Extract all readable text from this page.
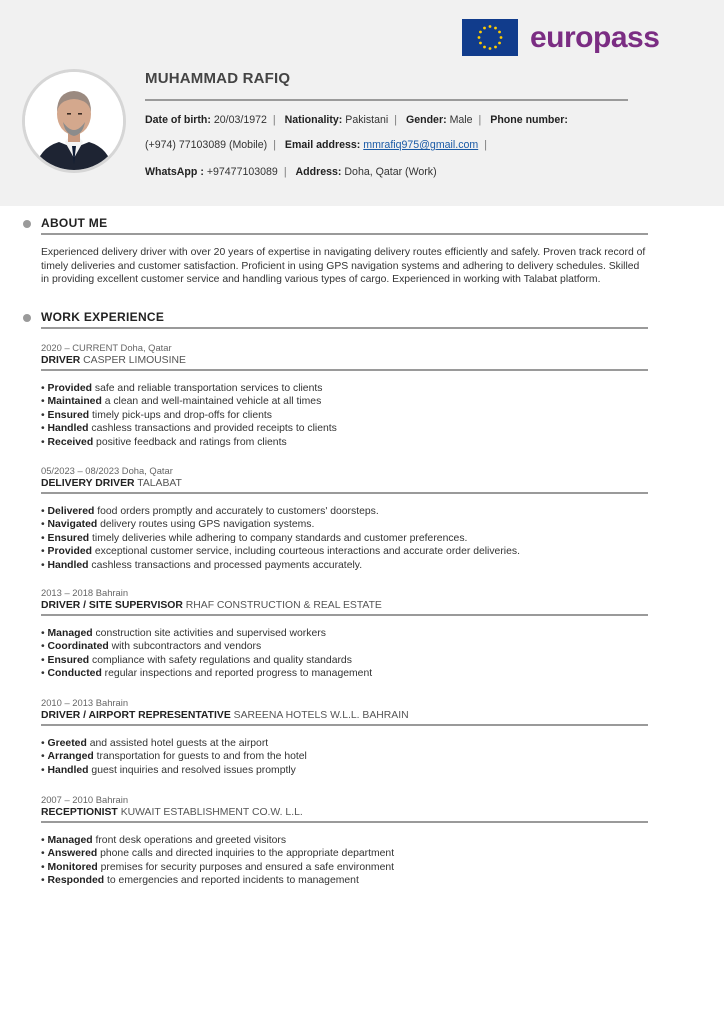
europass
MUHAMMAD RAFIQ
Date of birth: 20/03/1972 | Nationality: Pakistani | Gender: Male | Phone number:
(+974) 77103089 (Mobile) | Email address: mmrafiq975@gmail.com |
WhatsApp : +97477103089 | Address: Doha, Qatar (Work)
ABOUT ME
Experienced delivery driver with over 20 years of expertise in navigating delivery routes efficiently and safely. Proven track record of timely deliveries and customer satisfaction. Proficient in using GPS navigation systems and adhering to delivery schedules. Skilled in providing excellent customer service and handling various types of cargo. Experienced in working with Talabat platform.
WORK EXPERIENCE
2020 – CURRENT Doha, Qatar
DRIVER CASPER LIMOUSINE
• Provided safe and reliable transportation services to clients
• Maintained a clean and well-maintained vehicle at all times
• Ensured timely pick-ups and drop-offs for clients
• Handled cashless transactions and provided receipts to clients
• Received positive feedback and ratings from clients
05/2023 – 08/2023 Doha, Qatar
DELIVERY DRIVER TALABAT
• Delivered food orders promptly and accurately to customers' doorsteps.
• Navigated delivery routes using GPS navigation systems.
• Ensured timely deliveries while adhering to company standards and customer preferences.
• Provided exceptional customer service, including courteous interactions and accurate order deliveries.
• Handled cashless transactions and processed payments accurately.
2013 – 2018 Bahrain
DRIVER / SITE SUPERVISOR RHAF CONSTRUCTION & REAL ESTATE
• Managed construction site activities and supervised workers
• Coordinated with subcontractors and vendors
• Ensured compliance with safety regulations and quality standards
• Conducted regular inspections and reported progress to management
2010 – 2013 Bahrain
DRIVER / AIRPORT REPRESENTATIVE SAREENA HOTELS W.L.L. BAHRAIN
• Greeted and assisted hotel guests at the airport
• Arranged transportation for guests to and from the hotel
• Handled guest inquiries and resolved issues promptly
2007 – 2010 Bahrain
RECEPTIONIST KUWAIT ESTABLISHMENT CO.W. L.L.
• Managed front desk operations and greeted visitors
• Answered phone calls and directed inquiries to the appropriate department
• Monitored premises for security purposes and ensured a safe environment
• Responded to emergencies and reported incidents to management
